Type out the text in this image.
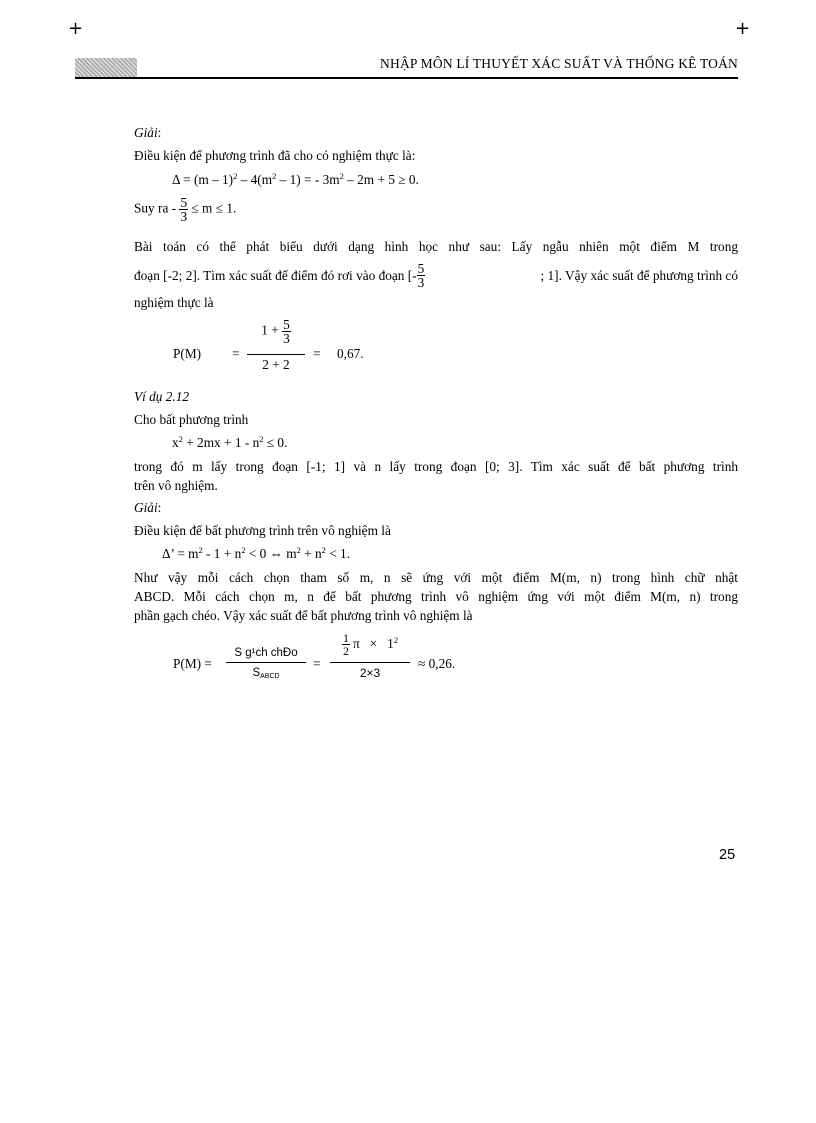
+	+
NHẬP MÔN LÍ THUYẾT XÁC SUẤT VÀ THỐNG KÊ TOÁN
Giải:
Điều kiện để phương trình đã cho có nghiệm thực là:
$\Delta = (m - 1)^2 - 4(m^2 - 1)$ = - $3m^2 - 2m + 5 \ge 0$.
Suy ra - $\frac{5}{3} \le m \le 1$.
Bài toán có thể phát biểu dưới dạng hình học như sau: Lấy ngẫu nhiên một điểm M trong
đoạn [-2; 2]. Tìm xác suất để điểm đó rơi vào đoạn [- $\frac{5}{3}$	; 1]. Vậy xác suất để phương trình có
nghiệm thực là
P(M) =
$1 + \frac{5}{3}$
2 + 2
= 0,67.
Ví dụ 2.12
Cho bất phương trình
$x^2 + 2mx + 1 - n^2 \le 0$.
trong đó m lấy trong đoạn [-1; 1] và n lấy trong đoạn [0; 3]. Tìm xác suất để bất phương trình
trên vô nghiệm.
Giải:
Điều kiện để bất phương trình trên vô nghiệm là
Δ’ = $m^2 - 1 + n^2 < 0$ ⇔ $m^2 + n^2 < 1$.
Như vậy mỗi cách chọn tham số m, n sẽ ứng với một điểm M(m, n) trong hình chữ nhật
ABCD. Mỗi cách chọn m, n để bất phương trình vô nghiệm ứng với một điểm M(m, n) trong
phần gạch chéo. Vậy xác suất để bất phương trình vô nghiệm là
P(M) =
S g¹ch chÐo
$S_{ABCD}$
=
$\frac{1}{2}$ $\pi \times 1^2$
2×3
≈ 0,26.
25
